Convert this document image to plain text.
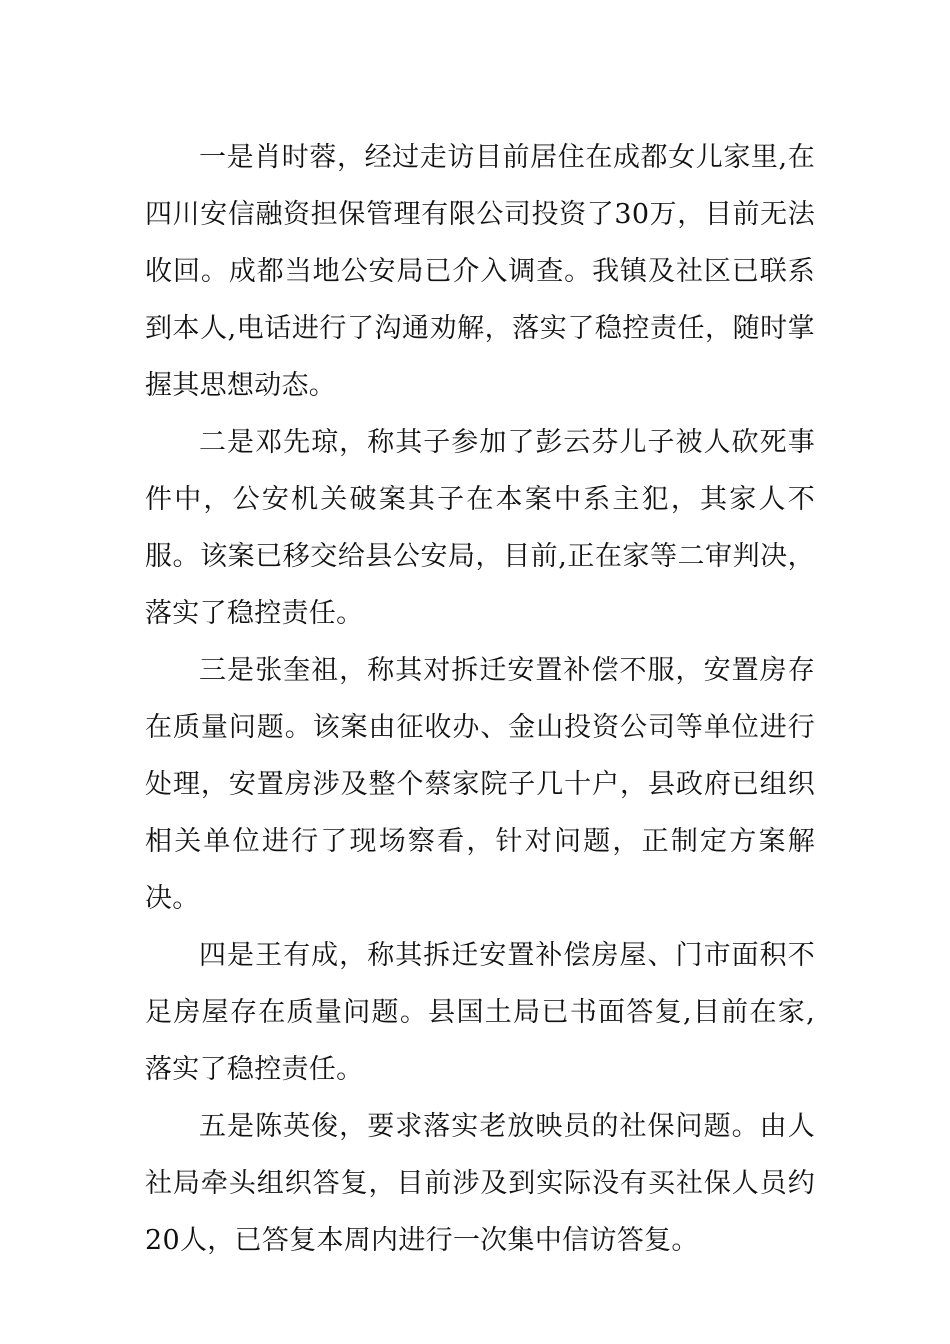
一是肖时蓉，经过走访目前居住在成都女儿家里,在四川安信融资担保管理有限公司投资了30万，目前无法收回。成都当地公安局已介入调查。我镇及社区已联系到本人,电话进行了沟通劝解，落实了稳控责任，随时掌握其思想动态。

二是邓先琼，称其子参加了彭云芬儿子被人砍死事件中，公安机关破案其子在本案中系主犯，其家人不服。该案已移交给县公安局，目前,正在家等二审判决，落实了稳控责任。

三是张奎祖，称其对拆迁安置补偿不服，安置房存在质量问题。该案由征收办、金山投资公司等单位进行处理，安置房涉及整个蔡家院子几十户，县政府已组织相关单位进行了现场察看，针对问题，正制定方案解决。

四是王有成，称其拆迁安置补偿房屋、门市面积不足房屋存在质量问题。县国土局已书面答复,目前在家,落实了稳控责任。

五是陈英俊，要求落实老放映员的社保问题。由人社局牵头组织答复，目前涉及到实际没有买社保人员约20人，已答复本周内进行一次集中信访答复。
